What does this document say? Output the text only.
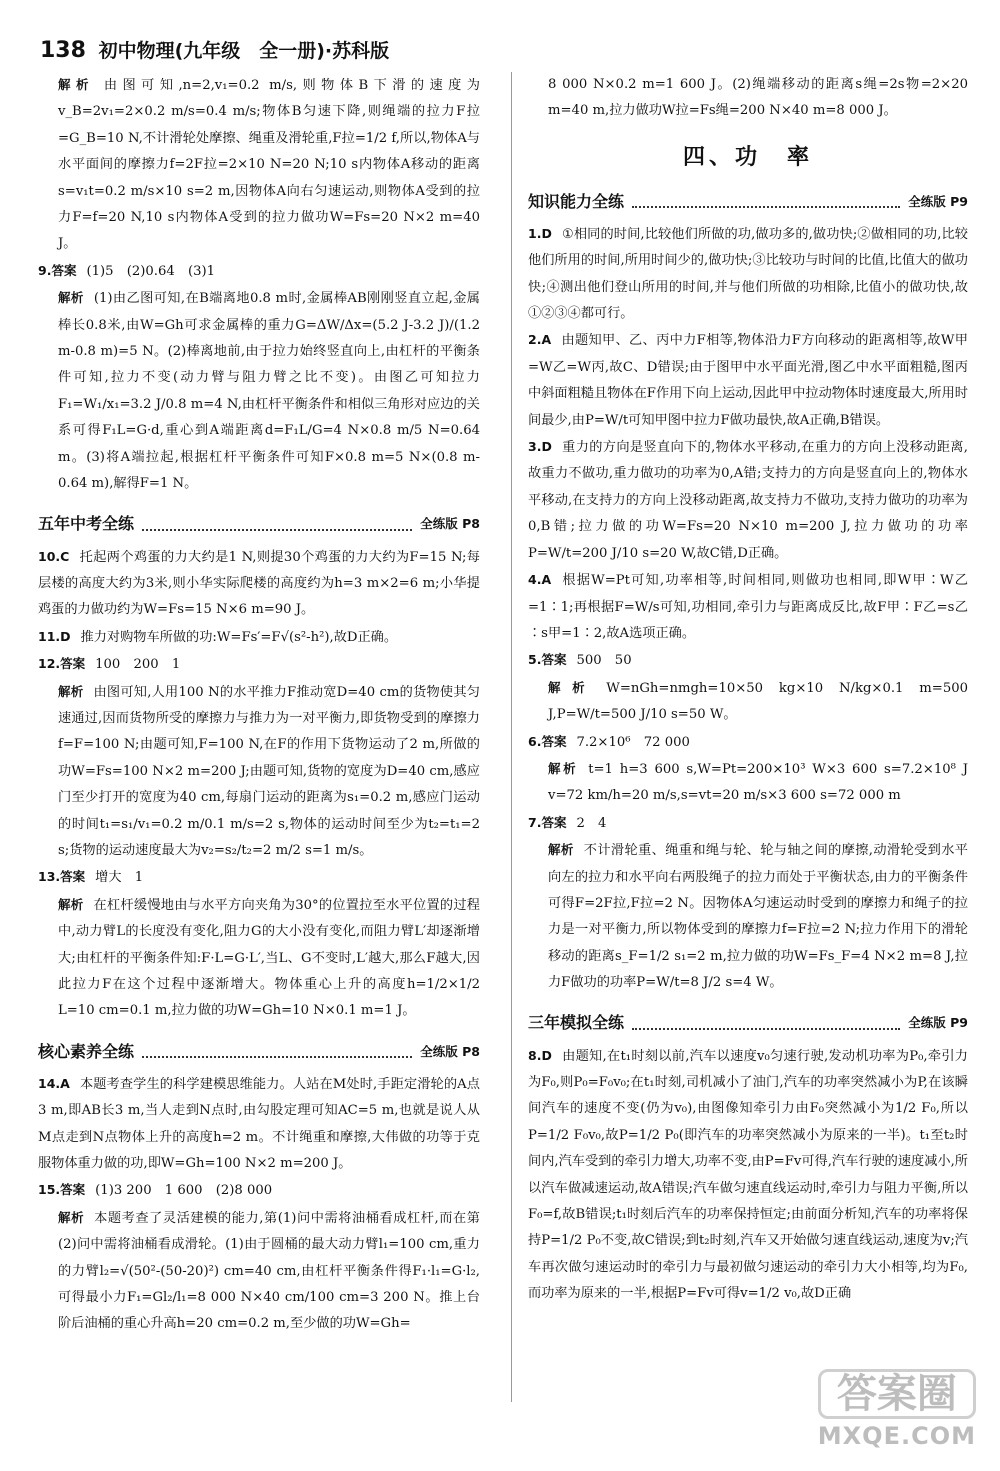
138 初中物理(九年级　全一册)·苏科版

解析 由图可知,n=2,v₁=0.2 m/s,则物体B下滑的速度为v_B=2v₁=2×0.2 m/s=0.4 m/s;物体B匀速下降,则绳端的拉力F拉=G_B=10 N,不计滑轮处摩擦、绳重及滑轮重,F拉=1/2 f,所以,物体A与水平面间的摩擦力f=2F拉=2×10 N=20 N;10 s内物体A移动的距离s=v₁t=0.2 m/s×10 s=2 m,因物体A向右匀速运动,则物体A受到的拉力F=f=20 N,10 s内物体A受到的拉力做功W=Fs=20 N×2 m=40 J。

9.答案 (1)5　(2)0.64　(3)1

解析 (1)由乙图可知,在B端离地0.8 m时,金属棒AB刚刚竖直立起,金属棒长0.8米,由W=Gh可求金属棒的重力G=ΔW/Δx=(5.2 J-3.2 J)/(1.2 m-0.8 m)=5 N。(2)棒离地前,由于拉力始终竖直向上,由杠杆的平衡条件可知,拉力不变(动力臂与阻力臂之比不变)。由图乙可知拉力F₁=W₁/x₁=3.2 J/0.8 m=4 N,由杠杆平衡条件和相似三角形对应边的关系可得F₁L=G·d,重心到A端距离d=F₁L/G=4 N×0.8 m/5 N=0.64 m。(3)将A端拉起,根据杠杆平衡条件可知F×0.8 m=5 N×(0.8 m-0.64 m),解得F=1 N。

五年中考全练	全练版 P8

10.C 托起两个鸡蛋的力大约是1 N,则提30个鸡蛋的力大约为F=15 N;每层楼的高度大约为3米,则小华实际爬楼的高度约为h=3 m×2=6 m;小华提鸡蛋的力做功约为W=Fs=15 N×6 m=90 J。

11.D 推力对购物车所做的功:W=Fs′=F√(s²-h²),故D正确。

12.答案 100　200　1

解析 由图可知,人用100 N的水平推力F推动宽D=40 cm的货物使其匀速通过,因而货物所受的摩擦力与推力为一对平衡力,即货物受到的摩擦力f=F=100 N;由题可知,F=100 N,在F的作用下货物运动了2 m,所做的功W=Fs=100 N×2 m=200 J;由题可知,货物的宽度为D=40 cm,感应门至少打开的宽度为40 cm,每扇门运动的距离为s₁=0.2 m,感应门运动的时间t₁=s₁/v₁=0.2 m/0.1 m/s=2 s,物体的运动时间至少为t₂=t₁=2 s;货物的运动速度最大为v₂=s₂/t₂=2 m/2 s=1 m/s。

13.答案 增大　1

解析 在杠杆缓慢地由与水平方向夹角为30°的位置拉至水平位置的过程中,动力臂L的长度没有变化,阻力G的大小没有变化,而阻力臂L′却逐渐增大;由杠杆的平衡条件知:F·L=G·L′,当L、G不变时,L′越大,那么F越大,因此拉力F在这个过程中逐渐增大。物体重心上升的高度h=1/2×1/2 L=10 cm=0.1 m,拉力做的功W=Gh=10 N×0.1 m=1 J。

核心素养全练	全练版 P8

14.A 本题考查学生的科学建模思维能力。人站在M处时,手距定滑轮的A点3 m,即AB长3 m,当人走到N点时,由勾股定理可知AC=5 m,也就是说人从M点走到N点物体上升的高度h=2 m。不计绳重和摩擦,大伟做的功等于克服物体重力做的功,即W=Gh=100 N×2 m=200 J。

15.答案 (1)3 200　1 600　(2)8 000

解析 本题考查了灵活建模的能力,第(1)问中需将油桶看成杠杆,而在第(2)问中需将油桶看成滑轮。(1)由于圆桶的最大动力臂l₁=100 cm,重力的力臂l₂=√(50²-(50-20)²) cm=40 cm,由杠杆平衡条件得F₁·l₁=G·l₂,可得最小力F₁=Gl₂/l₁=8 000 N×40 cm/100 cm=3 200 N。推上台阶后油桶的重心升高h=20 cm=0.2 m,至少做的功W=Gh=

8 000 N×0.2 m=1 600 J。(2)绳端移动的距离s绳=2s物=2×20 m=40 m,拉力做功W拉=Fs绳=200 N×40 m=8 000 J。

四、功　率
知识能力全练	全练版 P9

1.D ①相同的时间,比较他们所做的功,做功多的,做功快;②做相同的功,比较他们所用的时间,所用时间少的,做功快;③比较功与时间的比值,比值大的做功快;④测出他们登山所用的时间,并与他们所做的功相除,比值小的做功快,故①②③④都可行。

2.A 由题知甲、乙、丙中力F相等,物体沿力F方向移动的距离相等,故W甲=W乙=W丙,故C、D错误;由于图甲中水平面光滑,图乙中水平面粗糙,图丙中斜面粗糙且物体在F作用下向上运动,因此甲中拉动物体时速度最大,所用时间最少,由P=W/t可知甲图中拉力F做功最快,故A正确,B错误。

3.D 重力的方向是竖直向下的,物体水平移动,在重力的方向上没移动距离,故重力不做功,重力做功的功率为0,A错;支持力的方向是竖直向上的,物体水平移动,在支持力的方向上没移动距离,故支持力不做功,支持力做功的功率为0,B错;拉力做的功W=Fs=20 N×10 m=200 J,拉力做功的功率P=W/t=200 J/10 s=20 W,故C错,D正确。

4.A 根据W=Pt可知,功率相等,时间相同,则做功也相同,即W甲∶W乙=1∶1;再根据F=W/s可知,功相同,牵引力与距离成反比,故F甲∶F乙=s乙∶s甲=1∶2,故A选项正确。

5.答案 500　50

解析 W=nGh=nmgh=10×50 kg×10 N/kg×0.1 m=500 J,P=W/t=500 J/10 s=50 W。

6.答案 7.2×10⁶　72 000

解析 t=1 h=3 600 s,W=Pt=200×10³ W×3 600 s=7.2×10⁸ J　v=72 km/h=20 m/s,s=vt=20 m/s×3 600 s=72 000 m

7.答案 2　4

解析 不计滑轮重、绳重和绳与轮、轮与轴之间的摩擦,动滑轮受到水平向左的拉力和水平向右两股绳子的拉力而处于平衡状态,由力的平衡条件可得F=2F拉,F拉=2 N。因物体A匀速运动时受到的摩擦力和绳子的拉力是一对平衡力,所以物体受到的摩擦力f=F拉=2 N;拉力作用下的滑轮移动的距离s_F=1/2 s₁=2 m,拉力做的功W=Fs_F=4 N×2 m=8 J,拉力F做功的功率P=W/t=8 J/2 s=4 W。

三年模拟全练	全练版 P9

8.D 由题知,在t₁时刻以前,汽车以速度v₀匀速行驶,发动机功率为P₀,牵引力为F₀,则P₀=F₀v₀;在t₁时刻,司机减小了油门,汽车的功率突然减小为P,在该瞬间汽车的速度不变(仍为v₀),由图像知牵引力由F₀突然减小为1/2 F₀,所以P=1/2 F₀v₀,故P=1/2 P₀(即汽车的功率突然减小为原来的一半)。t₁至t₂时间内,汽车受到的牵引力增大,功率不变,由P=Fv可得,汽车行驶的速度减小,所以汽车做减速运动,故A错误;汽车做匀速直线运动时,牵引力与阻力平衡,所以F₀=f,故B错误;t₁时刻后汽车的功率保持恒定;由前面分析知,汽车的功率将保持P=1/2 P₀不变,故C错误;到t₂时刻,汽车又开始做匀速直线运动,速度为v;汽车再次做匀速运动时的牵引力与最初做匀速运动的牵引力大小相等,均为F₀,而功率为原来的一半,根据P=Fv可得v=1/2 v₀,故D正确

答案圈
MXQE.COM
